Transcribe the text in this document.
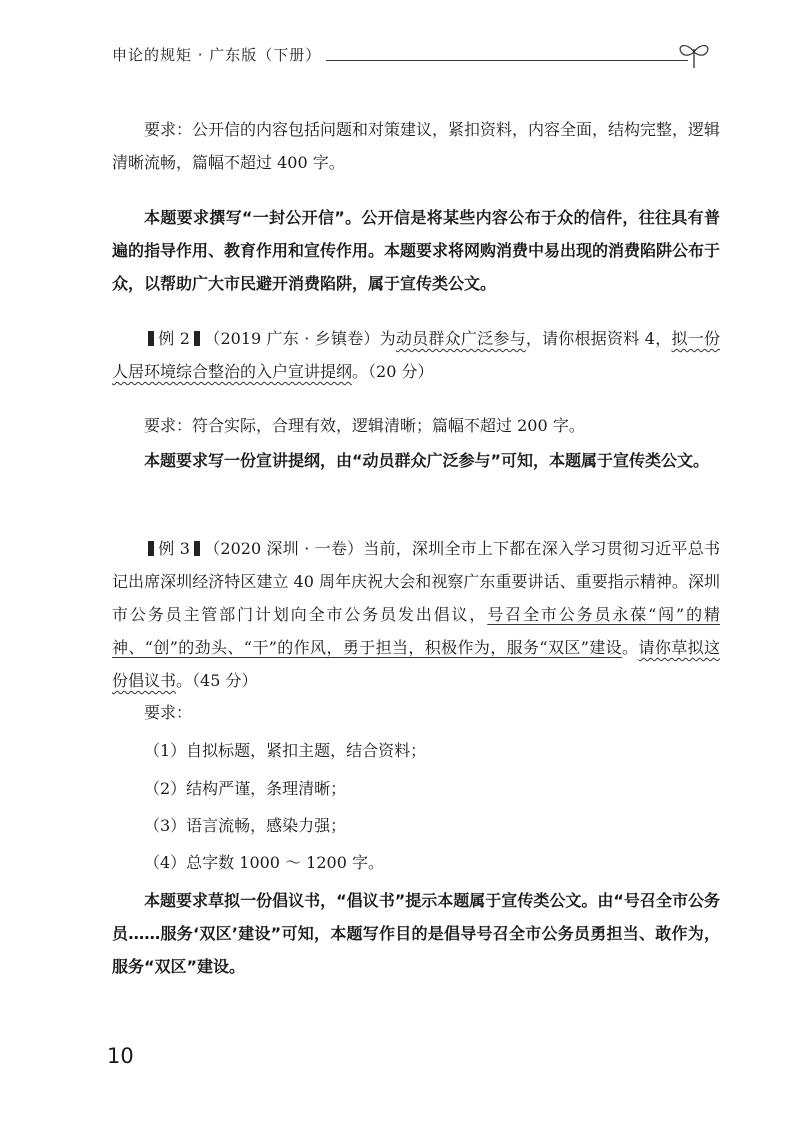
申论的规矩 · 广东版（下册）

要求：公开信的内容包括问题和对策建议，紧扣资料，内容全面，结构完整，逻辑清晰流畅，篇幅不超过 400 字。

本题要求撰写“一封公开信”。公开信是将某些内容公布于众的信件，往往具有普遍的指导作用、教育作用和宣传作用。本题要求将网购消费中易出现的消费陷阱公布于众，以帮助广大市民避开消费陷阱，属于宣传类公文。

例 2 （2019 广东 · 乡镇卷）为动员群众广泛参与，请你根据资料 4，拟一份人居环境综合整治的入户宣讲提纲。（20 分）

要求：符合实际，合理有效，逻辑清晰；篇幅不超过 200 字。

本题要求写一份宣讲提纲，由“动员群众广泛参与”可知，本题属于宣传类公文。

例 3 （2020 深圳 · 一卷）当前，深圳全市上下都在深入学习贯彻习近平总书记出席深圳经济特区建立 40 周年庆祝大会和视察广东重要讲话、重要指示精神。深圳市公务员主管部门计划向全市公务员发出倡议，号召全市公务员永葆“闯”的精神、“创”的劲头、“干”的作风，勇于担当，积极作为，服务“双区”建设。请你草拟这份倡议书。（45 分）

要求：

（1）自拟标题，紧扣主题，结合资料；

（2）结构严谨，条理清晰；

（3）语言流畅，感染力强；

（4）总字数 1000 ～ 1200 字。

本题要求草拟一份倡议书，“倡议书”提示本题属于宣传类公文。由“号召全市公务员……服务‘双区’建设”可知，本题写作目的是倡导号召全市公务员勇担当、敢作为，服务“双区”建设。

10
